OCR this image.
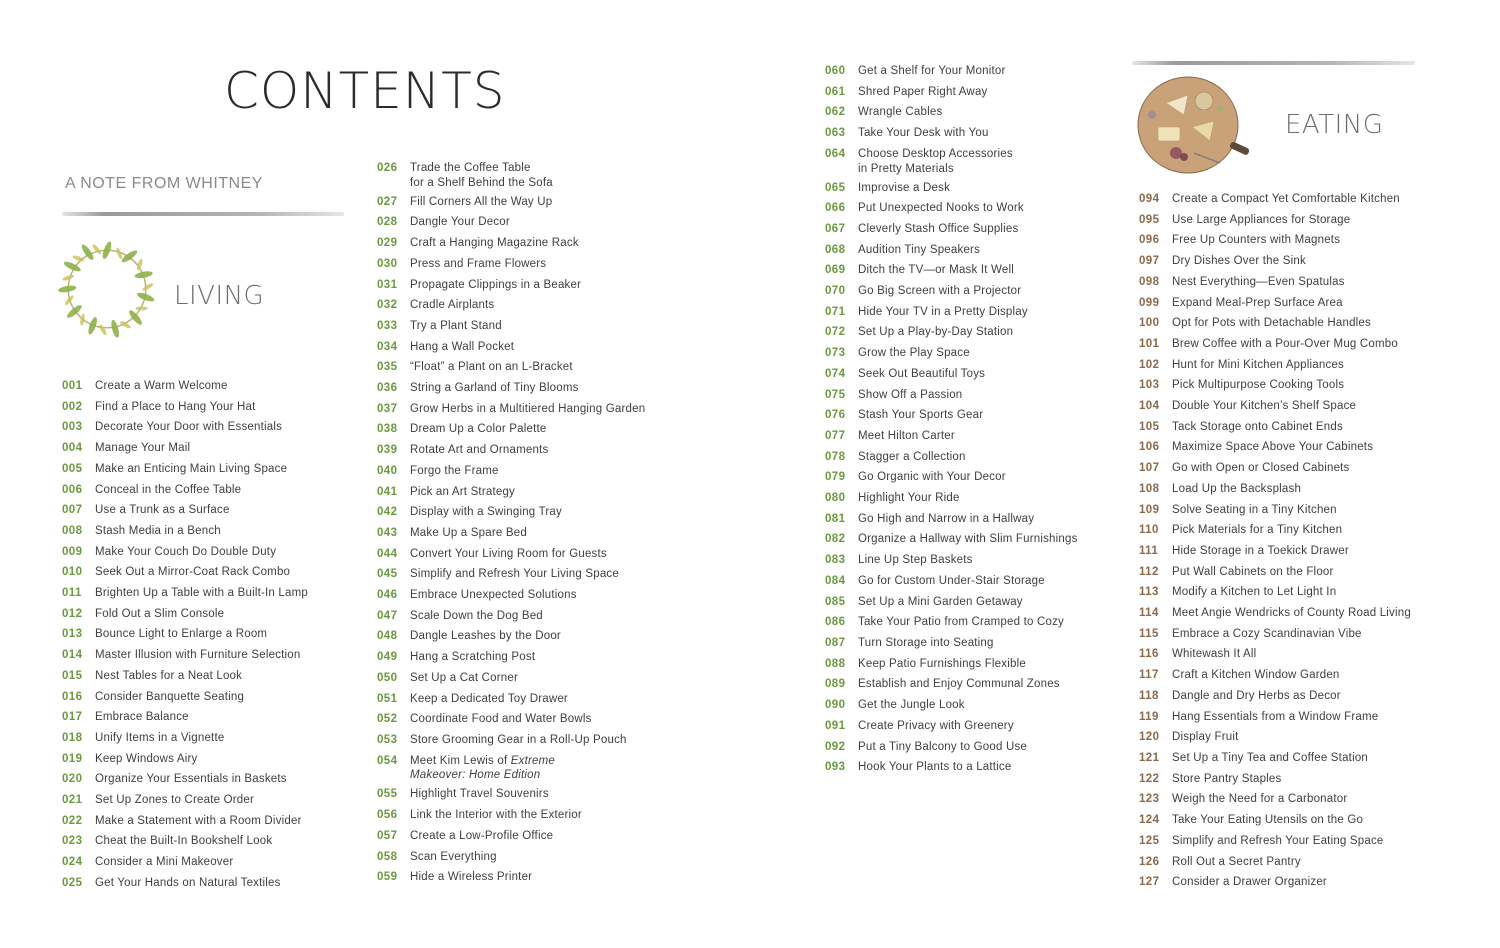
CONTENTS
A NOTE FROM WHITNEY
LIVING
EATING
001	Create a Warm Welcome
002	Find a Place to Hang Your Hat
003	Decorate Your Door with Essentials
004	Manage Your Mail
005	Make an Enticing Main Living Space
006	Conceal in the Coffee Table
007	Use a Trunk as a Surface
008	Stash Media in a Bench
009	Make Your Couch Do Double Duty
010	Seek Out a Mirror-Coat Rack Combo
011	Brighten Up a Table with a Built-In Lamp
012	Fold Out a Slim Console
013	Bounce Light to Enlarge a Room
014	Master Illusion with Furniture Selection
015	Nest Tables for a Neat Look
016	Consider Banquette Seating
017	Embrace Balance
018	Unify Items in a Vignette
019	Keep Windows Airy
020	Organize Your Essentials in Baskets
021	Set Up Zones to Create Order
022	Make a Statement with a Room Divider
023	Cheat the Built-In Bookshelf Look
024	Consider a Mini Makeover
025	Get Your Hands on Natural Textiles
026	Trade the Coffee Table
for a Shelf Behind the Sofa
027	Fill Corners All the Way Up
028	Dangle Your Decor
029	Craft a Hanging Magazine Rack
030	Press and Frame Flowers
031	Propagate Clippings in a Beaker
032	Cradle Airplants
033	Try a Plant Stand
034	Hang a Wall Pocket
035	“Float” a Plant on an L-Bracket
036	String a Garland of Tiny Blooms
037	Grow Herbs in a Multitiered Hanging Garden
038	Dream Up a Color Palette
039	Rotate Art and Ornaments
040	Forgo the Frame
041	Pick an Art Strategy
042	Display with a Swinging Tray
043	Make Up a Spare Bed
044	Convert Your Living Room for Guests
045	Simplify and Refresh Your Living Space
046	Embrace Unexpected Solutions
047	Scale Down the Dog Bed
048	Dangle Leashes by the Door
049	Hang a Scratching Post
050	Set Up a Cat Corner
051	Keep a Dedicated Toy Drawer
052	Coordinate Food and Water Bowls
053	Store Grooming Gear in a Roll-Up Pouch
054	Meet Kim Lewis of Extreme
Makeover: Home Edition
055	Highlight Travel Souvenirs
056	Link the Interior with the Exterior
057	Create a Low-Profile Office
058	Scan Everything
059	Hide a Wireless Printer
060	Get a Shelf for Your Monitor
061	Shred Paper Right Away
062	Wrangle Cables
063	Take Your Desk with You
064	Choose Desktop Accessories
in Pretty Materials
065	Improvise a Desk
066	Put Unexpected Nooks to Work
067	Cleverly Stash Office Supplies
068	Audition Tiny Speakers
069	Ditch the TV—or Mask It Well
070	Go Big Screen with a Projector
071	Hide Your TV in a Pretty Display
072	Set Up a Play-by-Day Station
073	Grow the Play Space
074	Seek Out Beautiful Toys
075	Show Off a Passion
076	Stash Your Sports Gear
077	Meet Hilton Carter
078	Stagger a Collection
079	Go Organic with Your Decor
080	Highlight Your Ride
081	Go High and Narrow in a Hallway
082	Organize a Hallway with Slim Furnishings
083	Line Up Step Baskets
084	Go for Custom Under-Stair Storage
085	Set Up a Mini Garden Getaway
086	Take Your Patio from Cramped to Cozy
087	Turn Storage into Seating
088	Keep Patio Furnishings Flexible
089	Establish and Enjoy Communal Zones
090	Get the Jungle Look
091	Create Privacy with Greenery
092	Put a Tiny Balcony to Good Use
093	Hook Your Plants to a Lattice
094	Create a Compact Yet Comfortable Kitchen
095	Use Large Appliances for Storage
096	Free Up Counters with Magnets
097	Dry Dishes Over the Sink
098	Nest Everything—Even Spatulas
099	Expand Meal-Prep Surface Area
100	Opt for Pots with Detachable Handles
101	Brew Coffee with a Pour-Over Mug Combo
102	Hunt for Mini Kitchen Appliances
103	Pick Multipurpose Cooking Tools
104	Double Your Kitchen’s Shelf Space
105	Tack Storage onto Cabinet Ends
106	Maximize Space Above Your Cabinets
107	Go with Open or Closed Cabinets
108	Load Up the Backsplash
109	Solve Seating in a Tiny Kitchen
110	Pick Materials for a Tiny Kitchen
111	Hide Storage in a Toekick Drawer
112	Put Wall Cabinets on the Floor
113	Modify a Kitchen to Let Light In
114	Meet Angie Wendricks of County Road Living
115	Embrace a Cozy Scandinavian Vibe
116	Whitewash It All
117	Craft a Kitchen Window Garden
118	Dangle and Dry Herbs as Decor
119	Hang Essentials from a Window Frame
120	Display Fruit
121	Set Up a Tiny Tea and Coffee Station
122	Store Pantry Staples
123	Weigh the Need for a Carbonator
124	Take Your Eating Utensils on the Go
125	Simplify and Refresh Your Eating Space
126	Roll Out a Secret Pantry
127	Consider a Drawer Organizer
